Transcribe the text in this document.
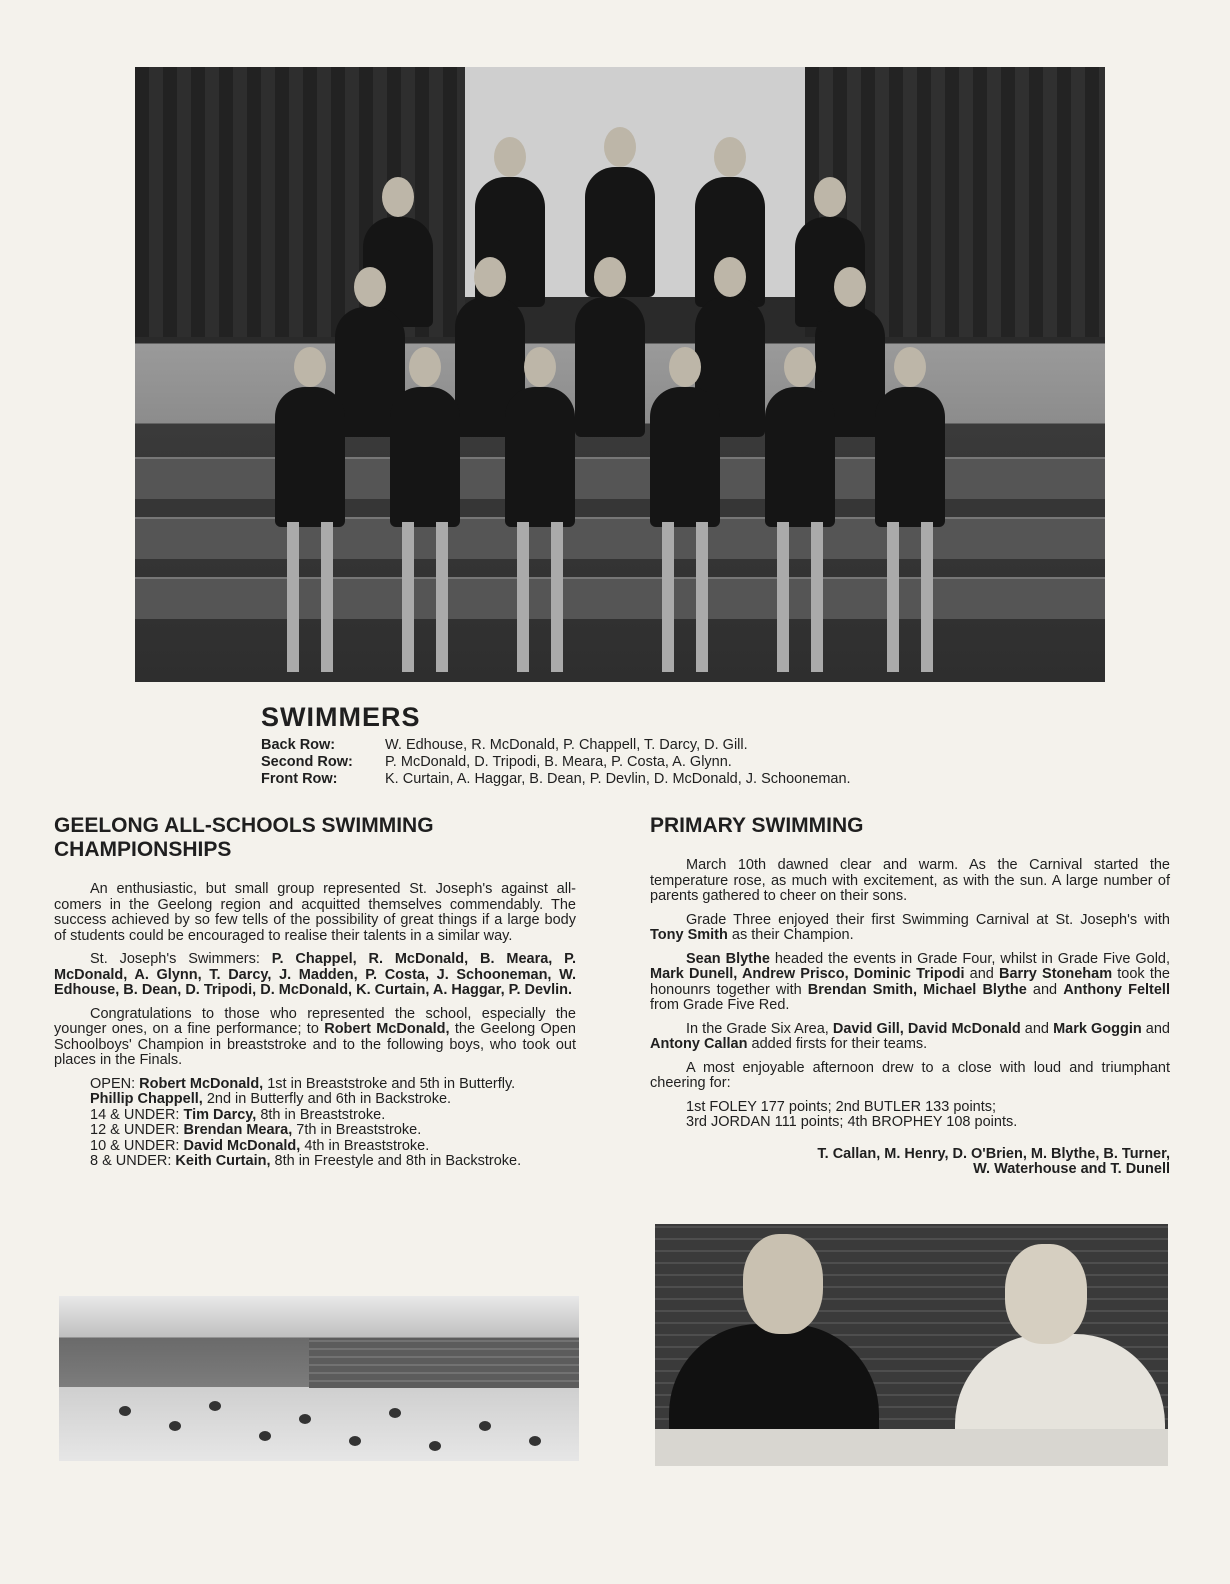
SWIMMERS
Back Row:	W. Edhouse, R. McDonald, P. Chappell, T. Darcy, D. Gill.
Second Row:	P. McDonald, D. Tripodi, B. Meara, P. Costa, A. Glynn.
Front Row:	K. Curtain, A. Haggar, B. Dean, P. Devlin, D. McDonald, J. Schooneman.
GEELONG ALL-SCHOOLS SWIMMING CHAMPIONSHIPS

An enthusiastic, but small group represented St. Joseph's against all-comers in the Geelong region and acquitted themselves commendably. The success achieved by so few tells of the possibility of great things if a large body of students could be encouraged to realise their talents in a similar way.

St. Joseph's Swimmers: P. Chappel, R. McDonald, B. Meara, P. McDonald, A. Glynn, T. Darcy, J. Madden, P. Costa, J. Schooneman, W. Edhouse, B. Dean, D. Tripodi, D. McDonald, K. Curtain, A. Haggar, P. Devlin.

Congratulations to those who represented the school, especially the younger ones, on a fine performance; to Robert McDonald, the Geelong Open Schoolboys' Champion in breaststroke and to the following boys, who took out places in the Finals.

OPEN: Robert McDonald, 1st in Breaststroke and 5th in Butterfly.
Phillip Chappell, 2nd in Butterfly and 6th in Backstroke.
14 & UNDER: Tim Darcy, 8th in Breaststroke.
12 & UNDER: Brendan Meara, 7th in Breaststroke.
10 & UNDER: David McDonald, 4th in Breaststroke.
8 & UNDER: Keith Curtain, 8th in Freestyle and 8th in Backstroke.
PRIMARY SWIMMING

March 10th dawned clear and warm. As the Carnival started the temperature rose, as much with excitement, as with the sun. A large number of parents gathered to cheer on their sons.

Grade Three enjoyed their first Swimming Carnival at St. Joseph's with Tony Smith as their Champion.

Sean Blythe headed the events in Grade Four, whilst in Grade Five Gold, Mark Dunell, Andrew Prisco, Dominic Tripodi and Barry Stoneham took the honounrs together with Brendan Smith, Michael Blythe and Anthony Feltell from Grade Five Red.

In the Grade Six Area, David Gill, David McDonald and Mark Goggin and Antony Callan added firsts for their teams.

A most enjoyable afternoon drew to a close with loud and triumphant cheering for:

1st FOLEY 177 points; 2nd BUTLER 133 points;
3rd JORDAN 111 points; 4th BROPHEY 108 points.
T. Callan, M. Henry, D. O'Brien, M. Blythe, B. Turner,
W. Waterhouse and T. Dunell
